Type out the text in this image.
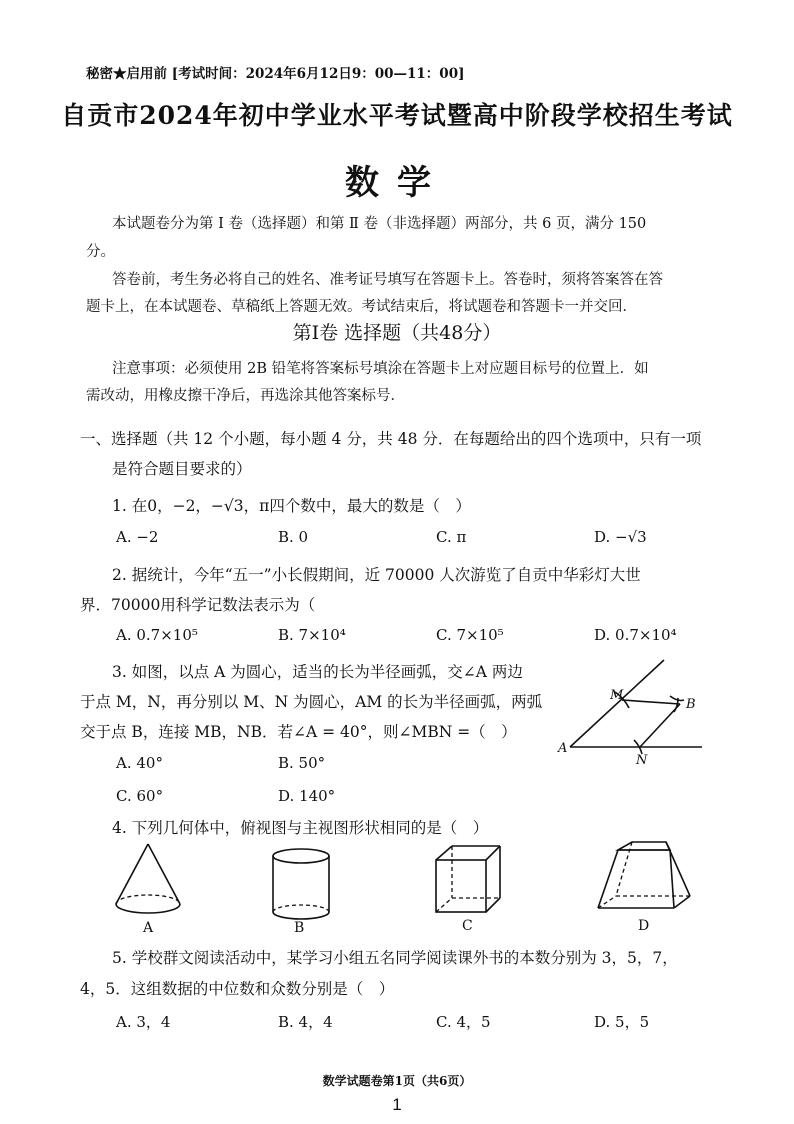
秘密★启用前 [考试时间：2024年6月12日9：00—11：00]
自贡市2024年初中学业水平考试暨高中阶段学校招生考试
数学
本试题卷分为第 Ⅰ 卷（选择题）和第 Ⅱ 卷（非选择题）两部分，共 6 页，满分 150
分。
答卷前，考生务必将自己的姓名、准考证号填写在答题卡上。答卷时，须将答案答在答
题卡上，在本试题卷、草稿纸上答题无效。考试结束后，将试题卷和答题卡一并交回．
第Ⅰ卷 选择题（共48分）
注意事项：必须使用 2B 铅笔将答案标号填涂在答题卡上对应题目标号的位置上．如
需改动，用橡皮擦干净后，再选涂其他答案标号．
一、选择题（共 12 个小题，每小题 4 分，共 48 分．在每题给出的四个选项中，只有一项
是符合题目要求的）
1. 在0，−2，−√3，π四个数中，最大的数是（　）
A. −2	B. 0	C. π	D. −√3
2. 据统计，今年“五一”小长假期间，近 70000 人次游览了自贡中华彩灯大世
界．70000用科学记数法表示为（
A. 0.7×10⁵	B. 7×10⁴	C. 7×10⁵	D. 0.7×10⁴
3. 如图，以点 A 为圆心，适当的长为半径画弧，交∠A 两边
于点 M，N，再分别以 M、N 为圆心，AM 的长为半径画弧，两弧
交于点 B，连接 MB，NB．若∠A = 40°，则∠MBN =（　）
A. 40°	B. 50°
C. 60°	D. 140°
M
B
A
N
4. 下列几何体中，俯视图与主视图形状相同的是（　）
A	B	C	D
5. 学校群文阅读活动中，某学习小组五名同学阅读课外书的本数分别为 3，5，7，
4，5．这组数据的中位数和众数分别是（　）
A. 3，4	B. 4，4	C. 4，5	D. 5，5
数学试题卷第1页（共6页）
1
